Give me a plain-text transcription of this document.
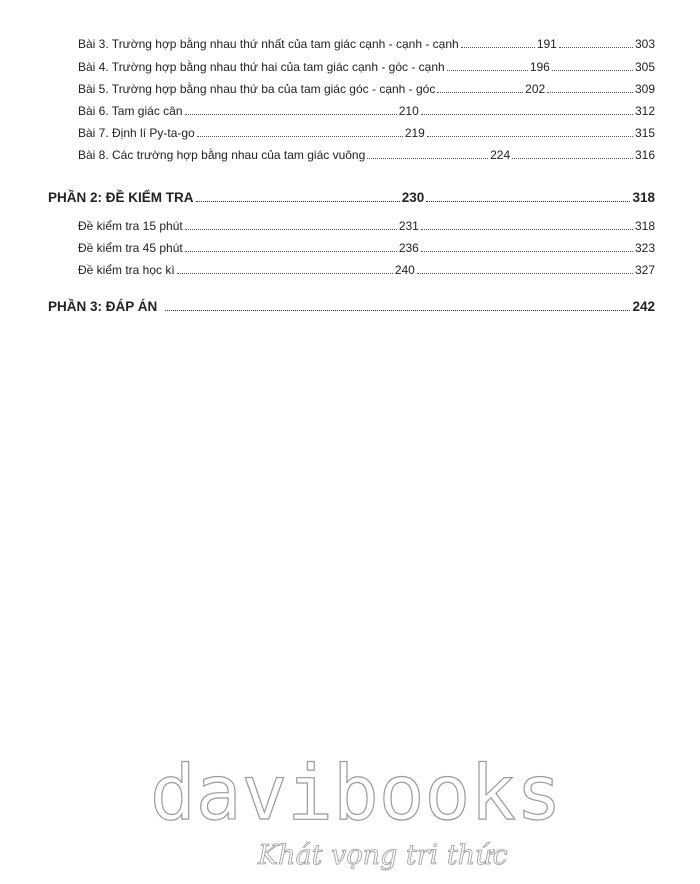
Bài 3. Trường hợp bằng nhau thứ nhất của tam giác cạnh - cạnh - cạnh	191	303
Bài 4. Trường hợp bằng nhau thứ hai của tam giác cạnh - góc - cạnh	196	305
Bài 5. Trường hợp bằng nhau thứ ba của tam giác góc - cạnh - góc	202	309
Bài 6. Tam giác cân	210	312
Bài 7. Định lí Py-ta-go	219	315
Bài 8. Các trường hợp bằng nhau của tam giác vuông	224	316
PHẦN 2: ĐỀ KIỂM TRA	230	318
Đề kiểm tra 15 phút	231	318
Đề kiểm tra 45 phút	236	323
Đề kiểm tra học kì	240	327
PHẦN 3: ĐÁP ÁN	242
davibooks
Khát vọng tri thức
